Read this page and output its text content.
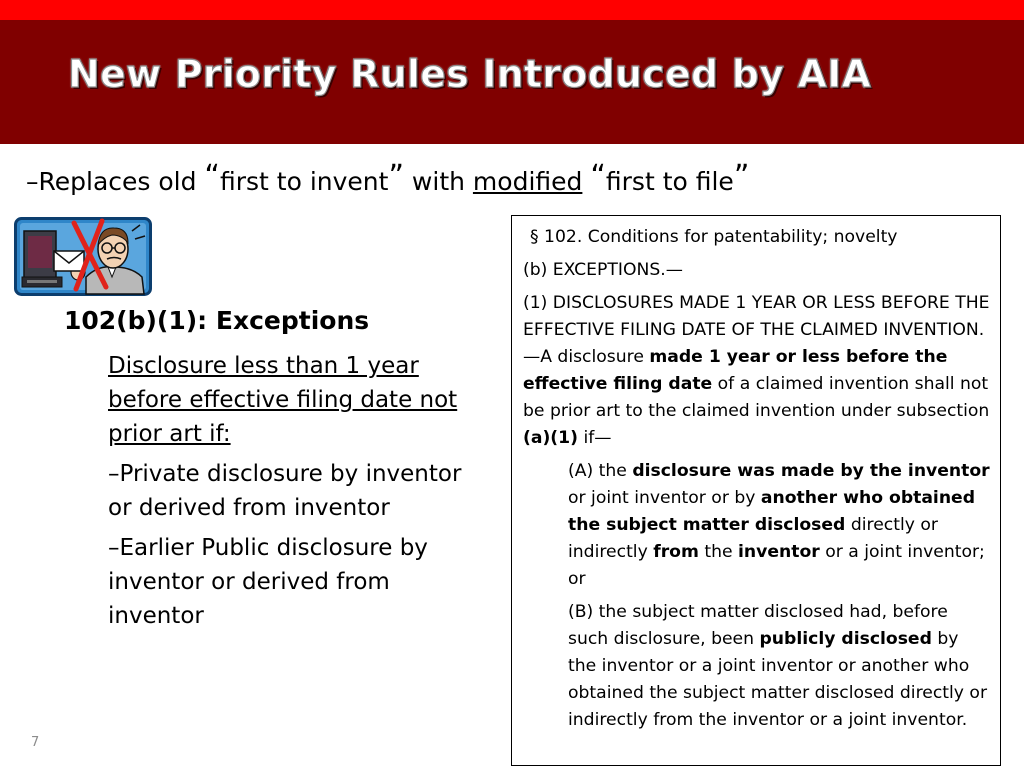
New Priority Rules Introduced by AIA
–Replaces old “first to invent” with modified “first to file”

102(b)(1): Exceptions

Disclosure less than 1 year before effective filing date not prior art if:

–Private disclosure by inventor or derived from inventor

–Earlier Public disclosure by inventor or derived from inventor

§ 102. Conditions for patentability; novelty

(b) EXCEPTIONS.—

(1) DISCLOSURES MADE 1 YEAR OR LESS BEFORE THE EFFECTIVE FILING DATE OF THE CLAIMED INVENTION.—A disclosure made 1 year or less before the effective filing date of a claimed invention shall not be prior art to the claimed invention under subsection (a)(1) if—

(A) the disclosure was made by the inventor or joint inventor or by another who obtained the subject matter disclosed directly or indirectly from the inventor or a joint inventor; or

(B) the subject matter disclosed had, before such disclosure, been publicly disclosed by the inventor or a joint inventor or another who obtained the subject matter disclosed directly or indirectly from the inventor or a joint inventor.

7
